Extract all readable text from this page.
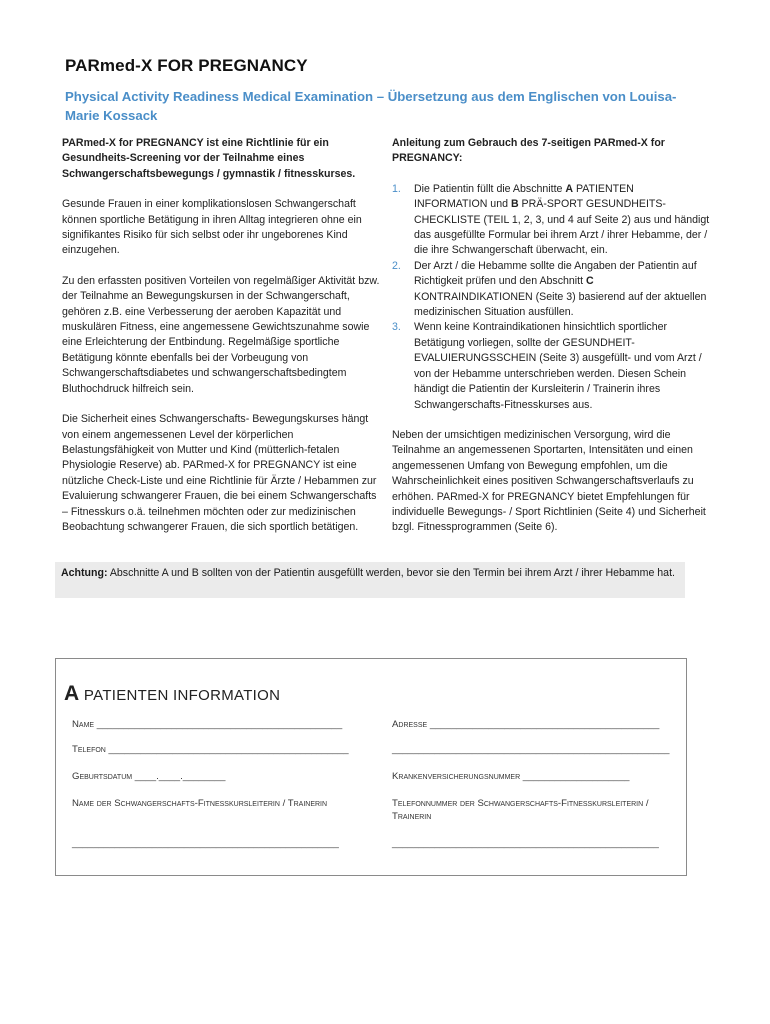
PARmed-X FOR PREGNANCY
Physical Activity Readiness Medical Examination – Übersetzung aus dem Englischen von Louisa-Marie Kossack

PARmed-X for PREGNANCY ist eine Richtlinie für ein Gesundheits-Screening vor der Teilnahme eines Schwangerschaftsbewegungs / gymnastik / fitnesskurses.

Gesunde Frauen in einer komplikationslosen Schwangerschaft können sportliche Betätigung in ihren Alltag integrieren ohne ein signifikantes Risiko für sich selbst oder ihr ungeborenes Kind einzugehen.

Zu den erfassten positiven Vorteilen von regelmäßiger Aktivität bzw. der Teilnahme an Bewegungskursen in der Schwangerschaft, gehören z.B. eine Verbesserung der aeroben Kapazität und muskulären Fitness, eine angemessene Gewichtszunahme sowie eine Erleichterung der Entbindung. Regelmäßige sportliche Betätigung könnte ebenfalls bei der Vorbeugung von Schwangerschaftsdiabetes und schwangerschaftsbedingtem Bluthochdruck hilfreich sein.

Die Sicherheit eines Schwangerschafts- Bewegungskurses hängt von einem angemessenen Level der körperlichen Belastungsfähigkeit von Mutter und Kind (mütterlich-fetalen Physiologie Reserve) ab. PARmed-X for PREGNANCY ist eine nützliche Check-Liste und eine Richtlinie für Ärzte / Hebammen zur Evaluierung schwangerer Frauen, die bei einem Schwangerschafts – Fitnesskurs o.ä. teilnehmen möchten oder zur medizinischen Beobachtung schwangerer Frauen, die sich sportlich betätigen.

Anleitung zum Gebrauch des 7-seitigen PARmed-X for PREGNANCY:

1. Die Patientin füllt die Abschnitte A PATIENTEN INFORMATION und B PRÄ-SPORT GESUNDHEITS-CHECKLISTE (TEIL 1, 2, 3, und 4 auf Seite 2) aus und händigt das ausgefüllte Formular bei ihrem Arzt / ihrer Hebamme, der / die ihre Schwangerschaft überwacht, ein.
2. Der Arzt / die Hebamme sollte die Angaben der Patientin auf Richtigkeit prüfen und den Abschnitt C KONTRAINDIKATIONEN (Seite 3) basierend auf der aktuellen medizinischen Situation ausfüllen.
3. Wenn keine Kontraindikationen hinsichtlich sportlicher Betätigung vorliegen, sollte der GESUNDHEIT-EVALUIERUNGSSCHEIN (Seite 3) ausgefüllt- und vom Arzt / von der Hebamme unterschrieben werden. Diesen Schein händigt die Patientin der Kursleiterin / Trainerin ihres Schwangerschafts-Fitnesskurses aus.

Neben der umsichtigen medizinischen Versorgung, wird die Teilnahme an angemessenen Sportarten, Intensitäten und einen angemessenen Umfang von Bewegung empfohlen, um die Wahrscheinlichkeit eines positiven Schwangerschaftsverlaufs zu erhöhen. PARmed-X for PREGNANCY bietet Empfehlungen für individuelle Bewegungs- / Sport Richtlinien (Seite 4) und Sicherheit bzgl. Fitnessprogrammen (Seite 6).

Achtung: Abschnitte A und B sollten von der Patientin ausgefüllt werden, bevor sie den Termin bei ihrem Arzt / ihrer Hebamme hat.
A PATIENTEN INFORMATION
Name ______________________________________________	Adresse ___________________________________________
Telefon _____________________________________________	____________________________________________________
Geburtsdatum ____.____.________	Krankenversicherungsnummer ____________________
Name der Schwangerschafts-Fitnesskursleiterin / Trainerin	Telefonnummer der Schwangerschafts-Fitnesskursleiterin / Trainerin
__________________________________________________	__________________________________________________
